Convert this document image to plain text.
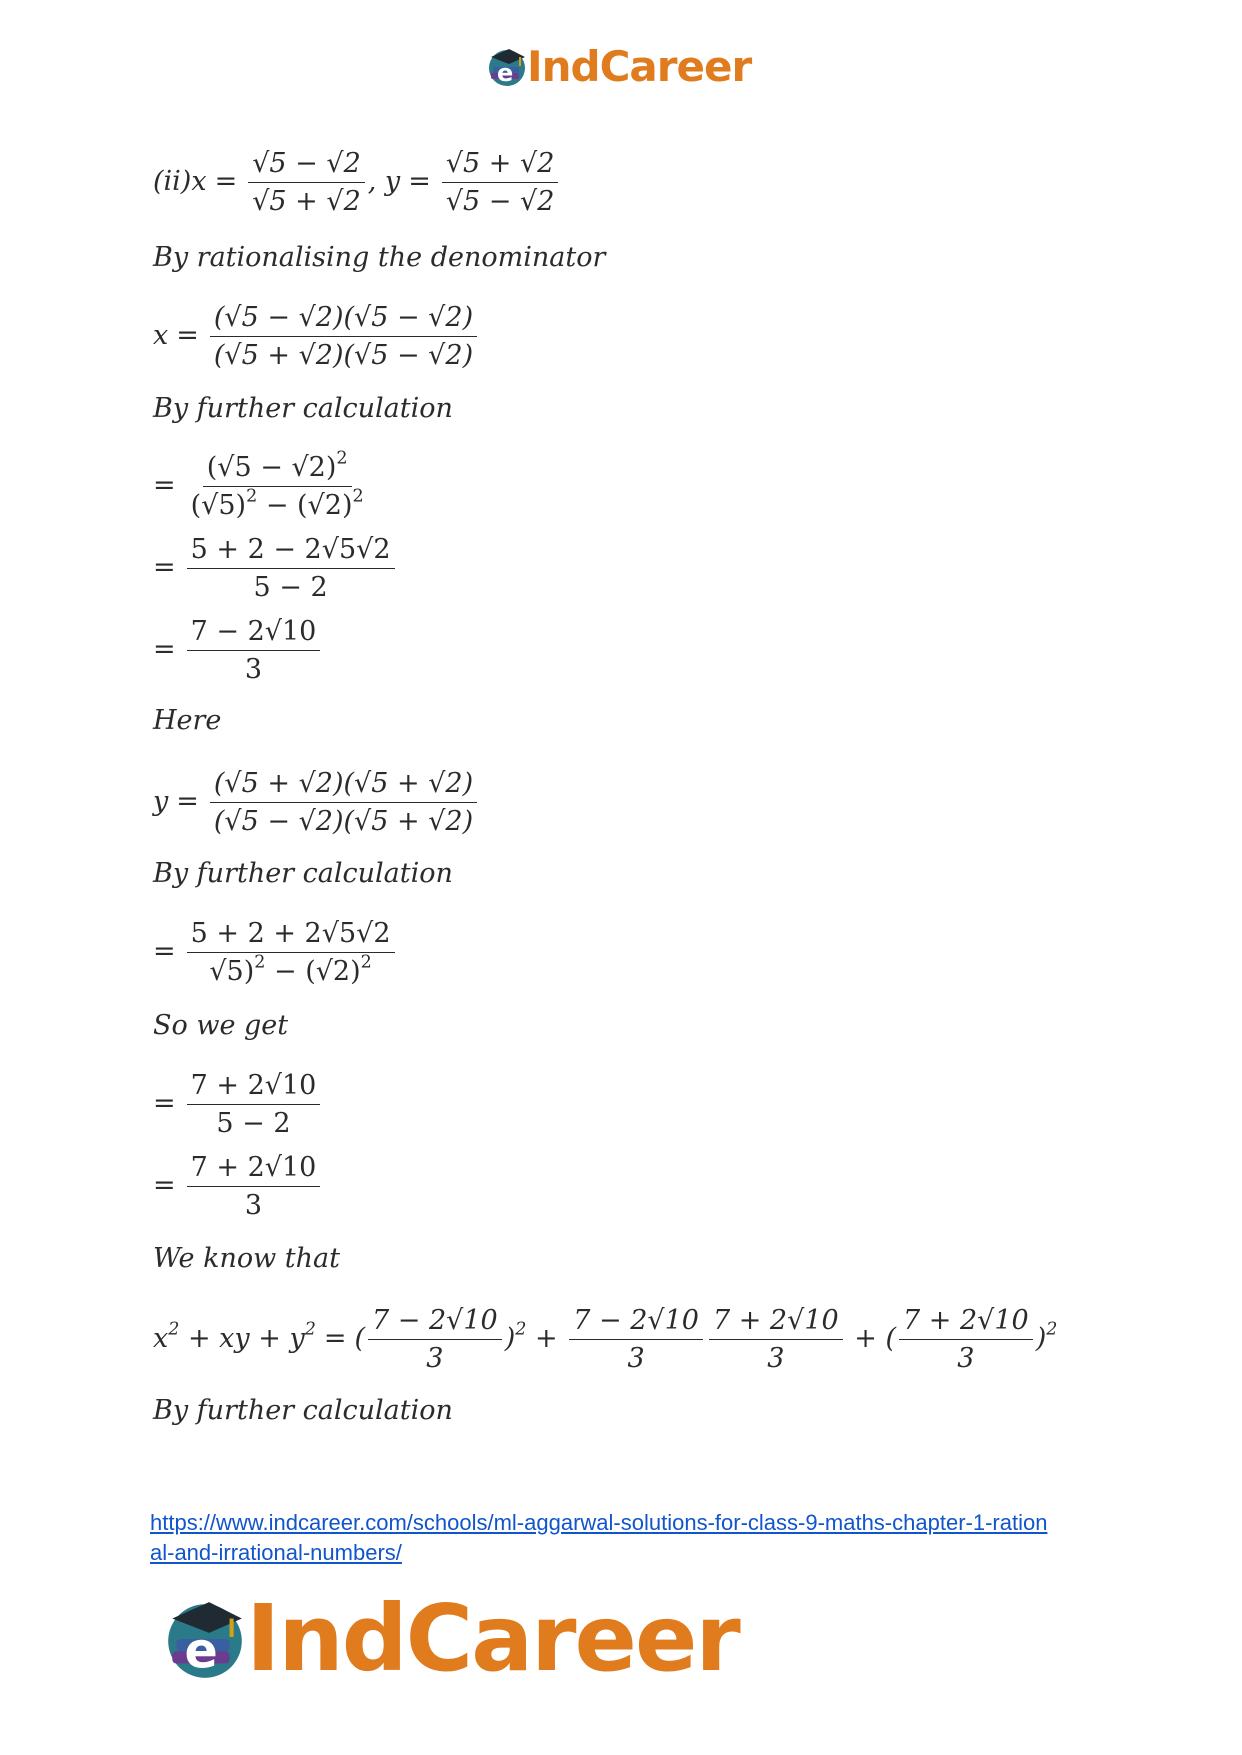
e IndCareer
$(ii)x = \frac{√5 - √2}{√5 + √2}$ , $y = \frac{√5 + √2}{√5 - √2}$
By rationalising the denominator
$x = \frac{(√5 - √2)(√5 - √2)}{(√5 + √2)(√5 - √2)}$
By further calculation
= $\frac{(√5 - √2)^2}{(√5)^2 - (√2)^2}$
= $\frac{5 + 2 - 2√5√2}{5 - 2}$
= $\frac{7 - 2√10}{3}$
Here
$y = \frac{(√5 + √2)(√5 + √2)}{(√5 - √2)(√5 + √2)}$
By further calculation
= $\frac{5 + 2 + 2√5√2}{√5)^2 - (√2)^2}$
So we get
= $\frac{7 + 2√10}{5 - 2}$
= $\frac{7 + 2√10}{3}$
We know that
$x^2$ + xy + $y^2$ = ( $\frac{7 - 2√10}{3} )^2 + \frac{7 - 2√10}{3} \frac{7 + 2√10}{3}$ + ( $\frac{7 + 2√10}{3} )^2$
By further calculation
https://www.indcareer.com/schools/ml-aggarwal-solutions-for-class-9-maths-chapter-1-ration
al-and-irrational-numbers/
e IndCareer
